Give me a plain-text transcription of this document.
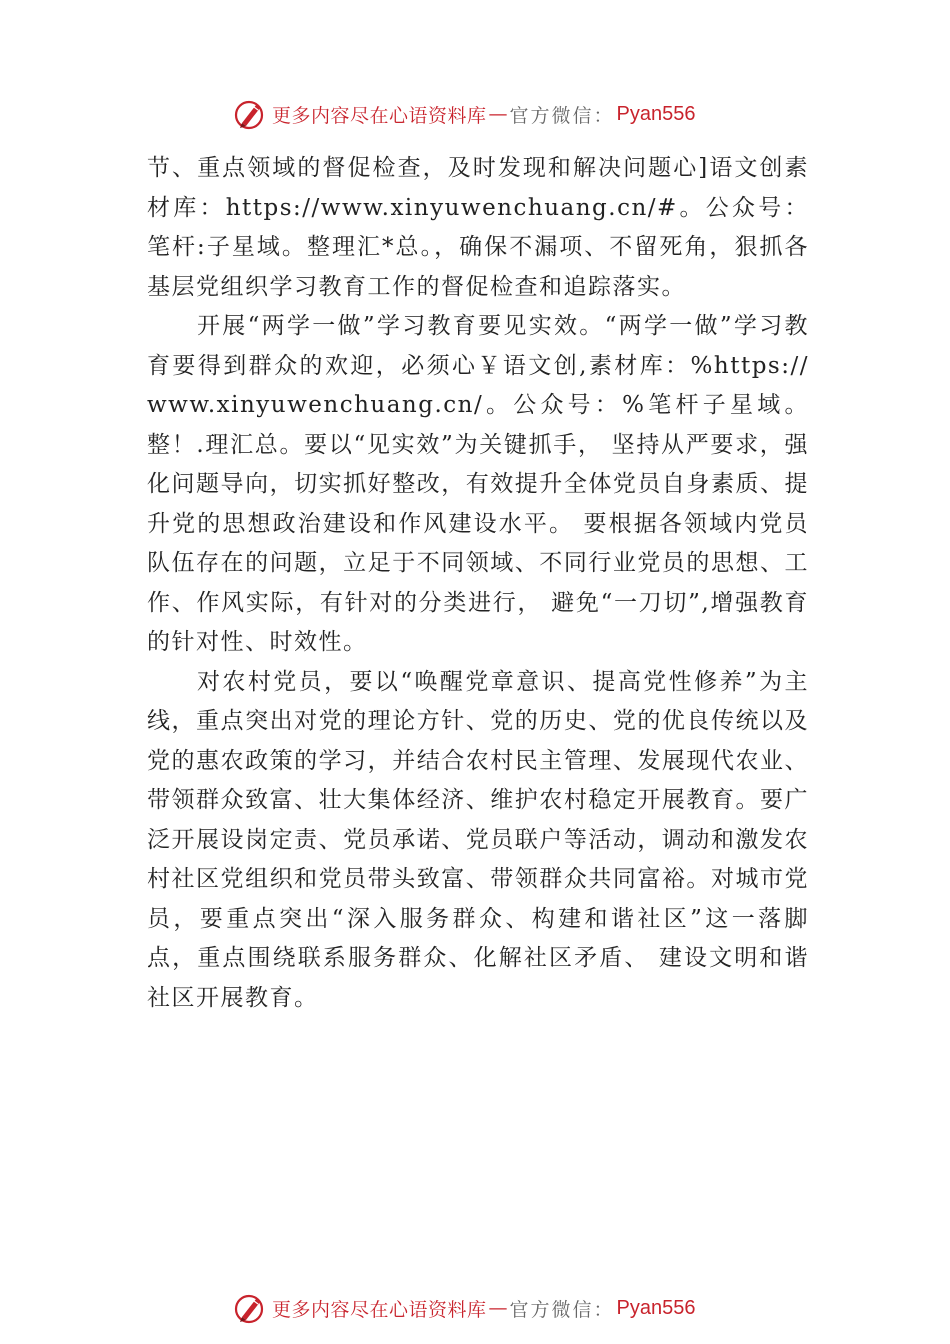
更多内容尽在心语资料库 — 官方微信： Pyan556

节、重点领域的督促检查，及时发现和解决问题心]语文创素材库：https://www.xinyuwenchuang.cn/#。公众号：笔杆:子星域。整理汇*总。，确保不漏项、不留死角，狠抓各基层党组织学习教育工作的督促检查和追踪落实。

开展“两学一做”学习教育要见实效。“两学一做”学习教育要得到群众的欢迎，必须心￥语文创,素材库：%https://www.xinyuwenchuang.cn/。公众号：%笔杆子星域。整！.理汇总。要以“见实效”为关键抓手， 坚持从严要求，强化问题导向，切实抓好整改，有效提升全体党员自身素质、提升党的思想政治建设和作风建设水平。 要根据各领域内党员队伍存在的问题，立足于不同领域、不同行业党员的思想、工作、作风实际，有针对的分类进行， 避免“一刀切”,增强教育的针对性、时效性。

对农村党员，要以“唤醒党章意识、提高党性修养”为主线，重点突出对党的理论方针、党的历史、党的优良传统以及党的惠农政策的学习，并结合农村民主管理、发展现代农业、带领群众致富、壮大集体经济、维护农村稳定开展教育。要广泛开展设岗定责、党员承诺、党员联户等活动，调动和激发农村社区党组织和党员带头致富、带领群众共同富裕。对城市党员，要重点突出“深入服务群众、构建和谐社区”这一落脚点，重点围绕联系服务群众、化解社区矛盾、 建设文明和谐社区开展教育。

更多内容尽在心语资料库 — 官方微信： Pyan556
